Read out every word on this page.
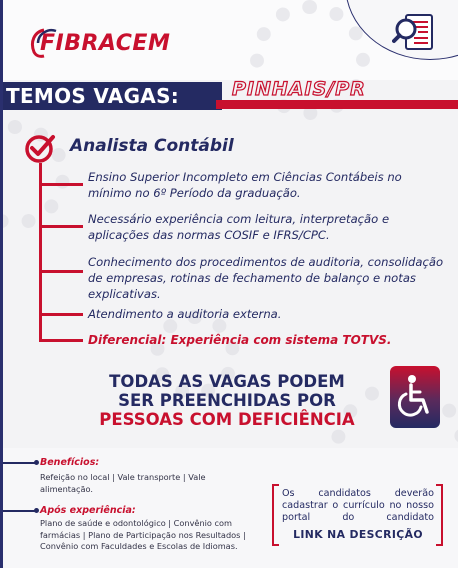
FIBRACEM
TEMOS VAGAS:	PINHAIS/PR
Analista Contábil
Ensino Superior Incompleto em Ciências Contábeis no mínimo no 6º Período da graduação.
Necessário experiência com leitura, interpretação e aplicações das normas COSIF e IFRS/CPC.
Conhecimento dos procedimentos de auditoria, consolidação de empresas, rotinas de fechamento de balanço e notas explicativas.
Atendimento a auditoria externa.
Diferencial: Experiência com sistema TOTVS.
TODAS AS VAGAS PODEM
SER PREENCHIDAS POR
PESSOAS COM DEFICIÊNCIA
Benefícios:
Refeição no local | Vale transporte | Vale alimentação.
Após experiência:
Plano de saúde e odontológico | Convênio com farmácias | Plano de Participação nos Resultados | Convênio com Faculdades e Escolas de Idiomas.
Os candidatos deverão cadastrar o currículo no nosso portal do candidato
LINK NA DESCRIÇÃO
